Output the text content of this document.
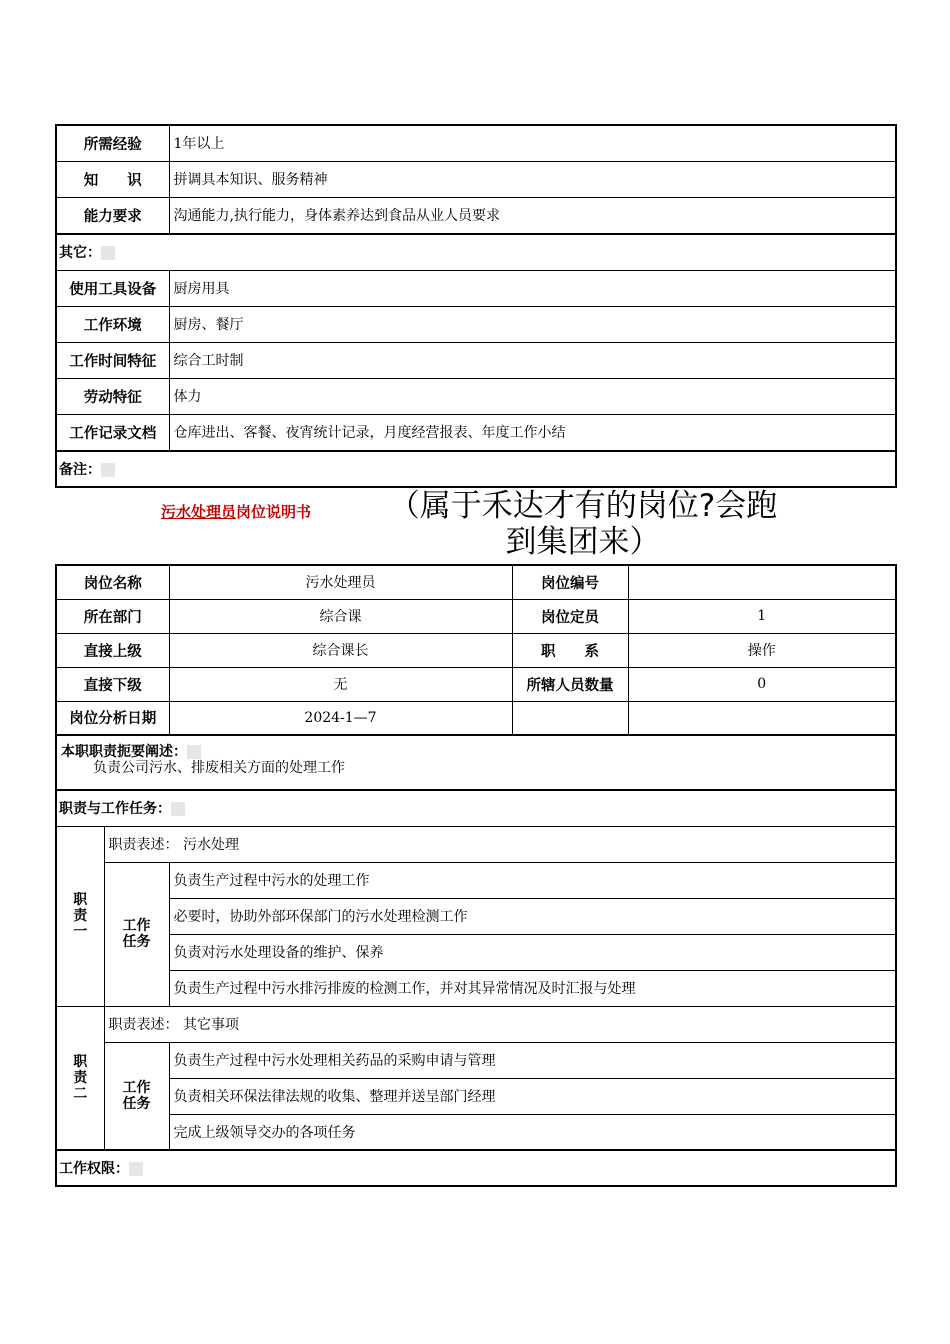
所需经验	1年以上
知　　识	拼调具本知识、服务精神
能力要求	沟通能力,执行能力，身体素养达到食品从业人员要求
其它：	
使用工具设备	厨房用具
工作环境	厨房、餐厅
工作时间特征	综合工时制
劳动特征	体力
工作记录文档	仓库进出、客餐、夜宵统计记录，月度经营报表、年度工作小结
备注：	
污水处理员岗位说明书	（属于禾达才有的岗位?会跑
到集团来）
岗位名称		污水处理员	岗位编号	
所在部门		综合课	岗位定员	1
直接上级		综合课长	职　　系	操作
直接下级		无	所辖人员数量	0
岗位分析日期		2024-1—7		

本职职责扼要阐述：
负责公司污水、排废相关方面的处理工作				

职责与工作任务：				

职
责
一	职责表述： 污水处理			

	工作
任务	负责生产过程中污水的处理工作		
		必要时，协助外部环保部门的污水处理检测工作		
		负责对污水处理设备的维护、保养		
		负责生产过程中污水排污排废的检测工作，并对其异常情况及时汇报与处理		

职
责
二	职责表述： 其它事项			

	工作
任务	负责生产过程中污水处理相关药品的采购申请与管理		
		负责相关环保法律法规的收集、整理并送呈部门经理		
		完成上级领导交办的各项任务		
工作权限：				
